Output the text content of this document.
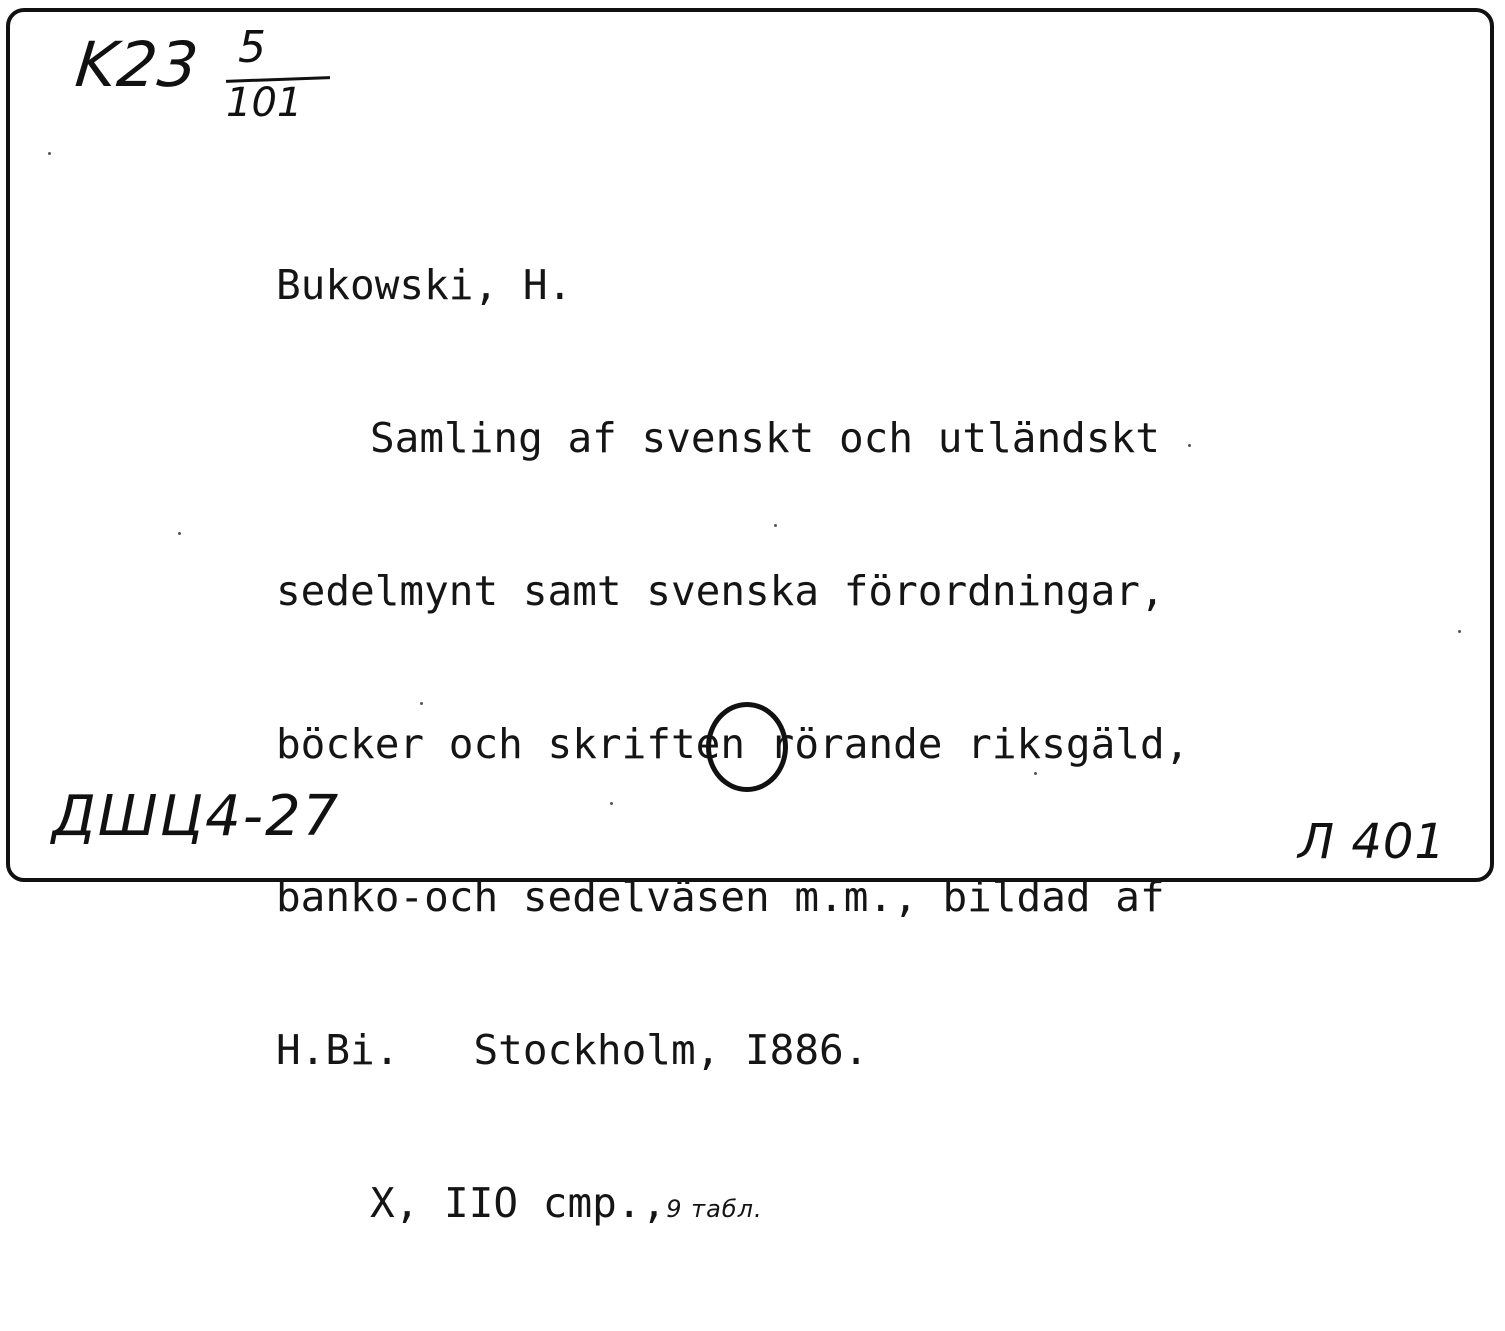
K23 5
101

Bukowski, H.

Samling af svenskt och utländskt

sedelmynt samt svenska förordningar,

böcker och skriften rörande riksgäld,

banko-och sedelväsen m.m., bildad af

H.Bi.   Stockholm, I886.

X, IIO cmp.,9 табл.

ДШЦ4-27	Л 401
